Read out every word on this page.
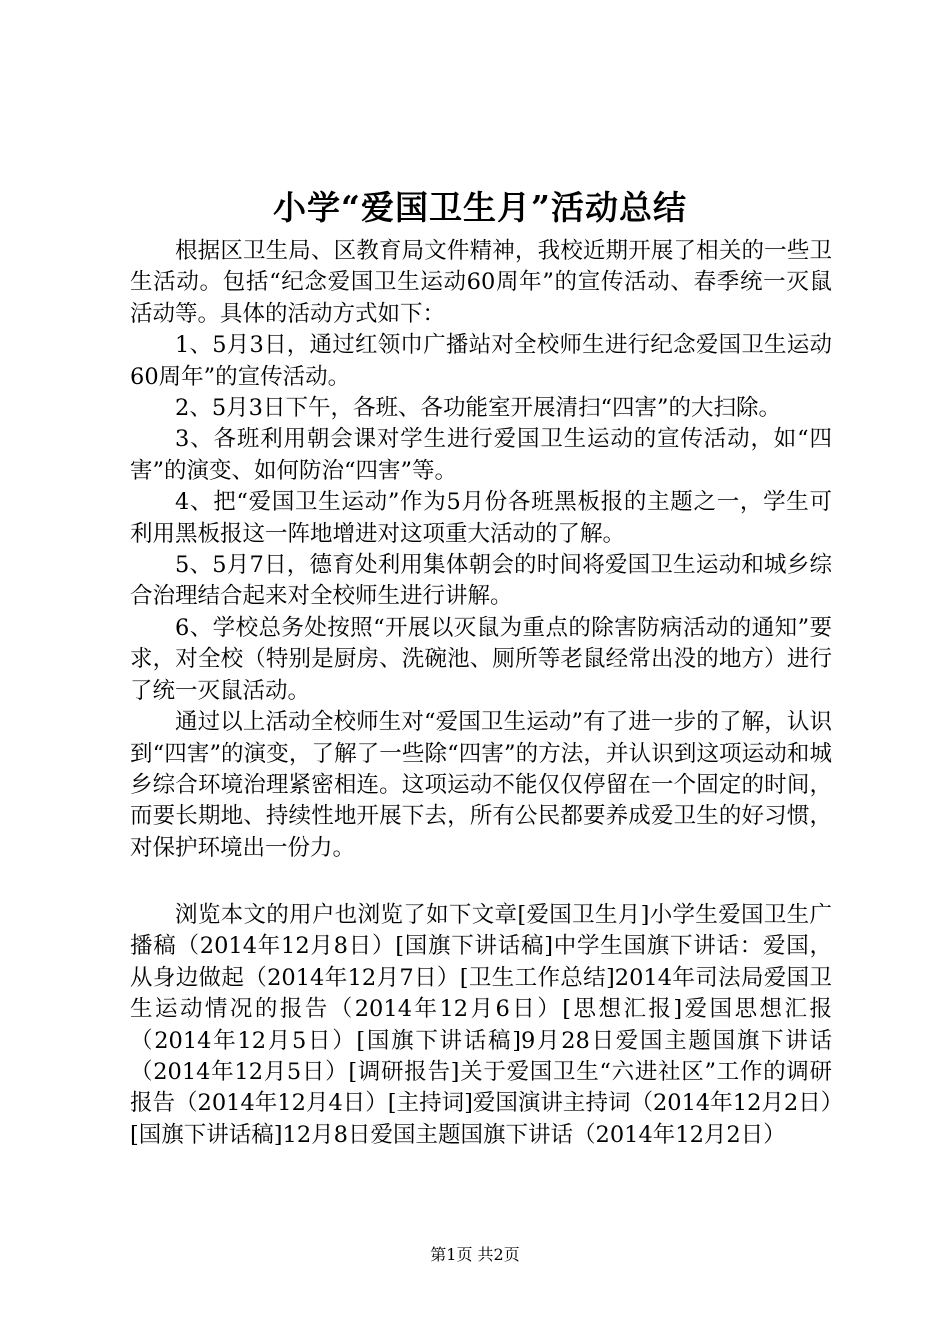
小学“爱国卫生月”活动总结

根据区卫生局、区教育局文件精神，我校近期开展了相关的一些卫生活动。包括“纪念爱国卫生运动60周年”的宣传活动、春季统一灭鼠活动等。具体的活动方式如下：

1、5月3日，通过红领巾广播站对全校师生进行纪念爱国卫生运动60周年”的宣传活动。

2、5月3日下午，各班、各功能室开展清扫“四害”的大扫除。

3、各班利用朝会课对学生进行爱国卫生运动的宣传活动，如“四害”的演变、如何防治“四害”等。

4、把“爱国卫生运动”作为5月份各班黑板报的主题之一，学生可利用黑板报这一阵地增进对这项重大活动的了解。

5、5月7日，德育处利用集体朝会的时间将爱国卫生运动和城乡综合治理结合起来对全校师生进行讲解。

6、学校总务处按照“开展以灭鼠为重点的除害防病活动的通知”要求，对全校（特别是厨房、洗碗池、厕所等老鼠经常出没的地方）进行了统一灭鼠活动。

通过以上活动全校师生对“爱国卫生运动”有了进一步的了解，认识到“四害”的演变，了解了一些除“四害”的方法，并认识到这项运动和城乡综合环境治理紧密相连。这项运动不能仅仅停留在一个固定的时间，而要长期地、持续性地开展下去，所有公民都要养成爱卫生的好习惯，对保护环境出一份力。

浏览本文的用户也浏览了如下文章[爱国卫生月]小学生爱国卫生广播稿（2014年12月8日）[国旗下讲话稿]中学生国旗下讲话：爱国，从身边做起（2014年12月7日）[卫生工作总结]2014年司法局爱国卫生运动情况的报告（2014年12月6日）[思想汇报]爱国思想汇报（2014年12月5日）[国旗下讲话稿]9月28日爱国主题国旗下讲话（2014年12月5日）[调研报告]关于爱国卫生“六进社区”工作的调研报告（2014年12月4日）[主持词]爱国演讲主持词（2014年12月2日）[国旗下讲话稿]12月8日爱国主题国旗下讲话（2014年12月2日）

第1页 共2页
